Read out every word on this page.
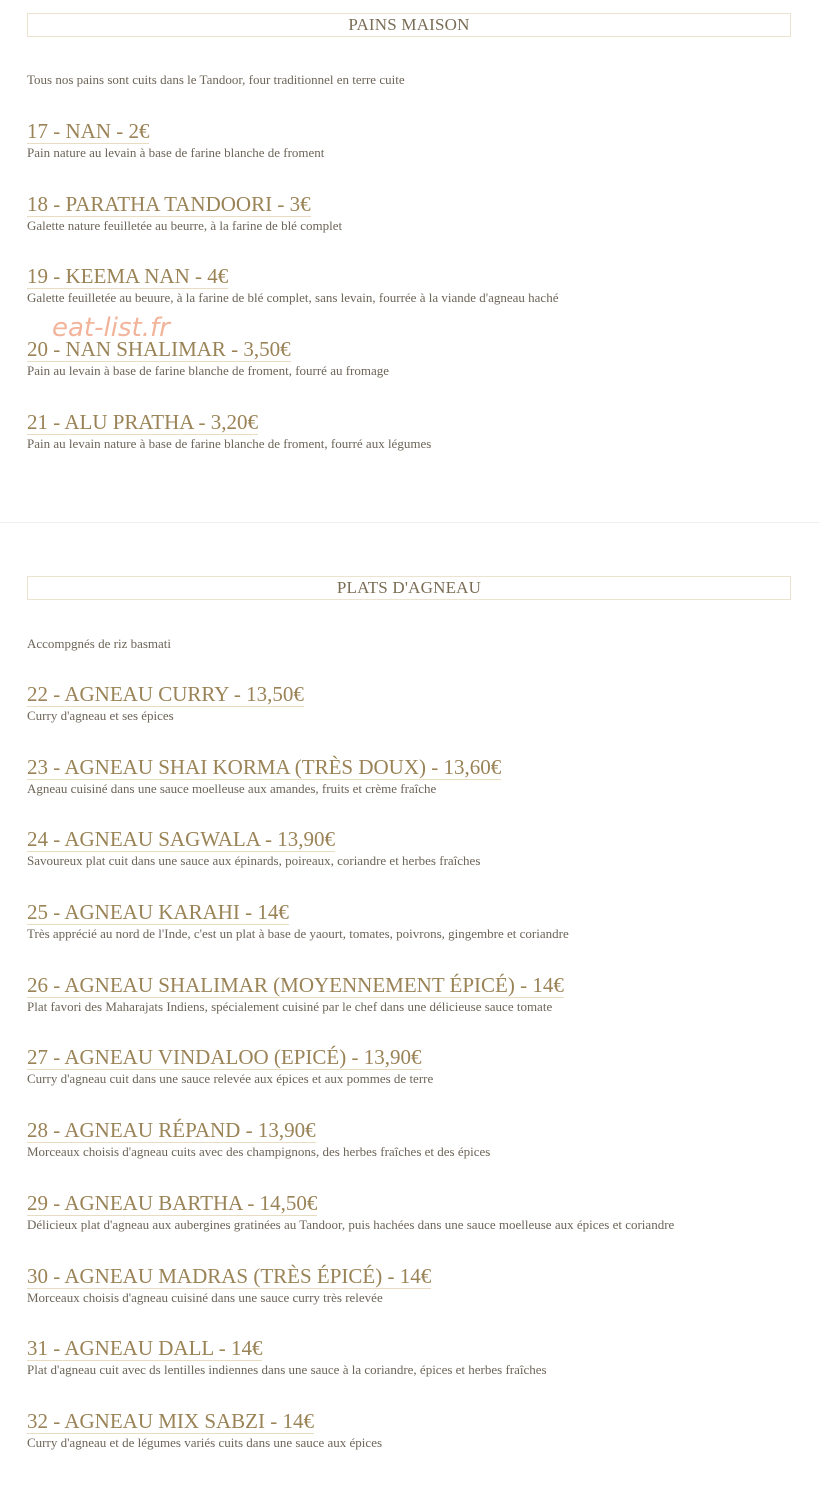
PAINS MAISON
Tous nos pains sont cuits dans le Tandoor, four traditionnel en terre cuite
17 - NAN - 2€
Pain nature au levain à base de farine blanche de froment
18 - PARATHA TANDOORI - 3€
Galette nature feuilletée au beurre, à la farine de blé complet
19 - KEEMA NAN - 4€
Galette feuilletée au beuure, à la farine de blé complet, sans levain, fourrée à la viande d'agneau haché
20 - NAN SHALIMAR - 3,50€
Pain au levain à base de farine blanche de froment, fourré au fromage
21 - ALU PRATHA - 3,20€
Pain au levain nature à base de farine blanche de froment, fourré aux légumes
PLATS D'AGNEAU
Accompgnés de riz basmati
22 - AGNEAU CURRY - 13,50€
Curry d'agneau et ses épices
23 - AGNEAU SHAI KORMA (TRÈS DOUX) - 13,60€
Agneau cuisiné dans une sauce moelleuse aux amandes, fruits et crème fraîche
24 - AGNEAU SAGWALA - 13,90€
Savoureux plat cuit dans une sauce aux épinards, poireaux, coriandre et herbes fraîches
25 - AGNEAU KARAHI - 14€
Très apprécié au nord de l'Inde, c'est un plat à base de yaourt, tomates, poivrons, gingembre et coriandre
26 - AGNEAU SHALIMAR (MOYENNEMENT ÉPICÉ) - 14€
Plat favori des Maharajats Indiens, spécialement cuisiné par le chef dans une délicieuse sauce tomate
27 - AGNEAU VINDALOO (EPICÉ) - 13,90€
Curry d'agneau cuit dans une sauce relevée aux épices et aux pommes de terre
28 - AGNEAU RÉPAND - 13,90€
Morceaux choisis d'agneau cuits avec des champignons, des herbes fraîches et des épices
29 - AGNEAU BARTHA - 14,50€
Délicieux plat d'agneau aux aubergines gratinées au Tandoor, puis hachées dans une sauce moelleuse aux épices et coriandre
30 - AGNEAU MADRAS (TRÈS ÉPICÉ) - 14€
Morceaux choisis d'agneau cuisiné dans une sauce curry très relevée
31 - AGNEAU DALL - 14€
Plat d'agneau cuit avec ds lentilles indiennes dans une sauce à la coriandre, épices et herbes fraîches
32 - AGNEAU MIX SABZI - 14€
Curry d'agneau et de légumes variés cuits dans une sauce aux épices
eat-list.fr
